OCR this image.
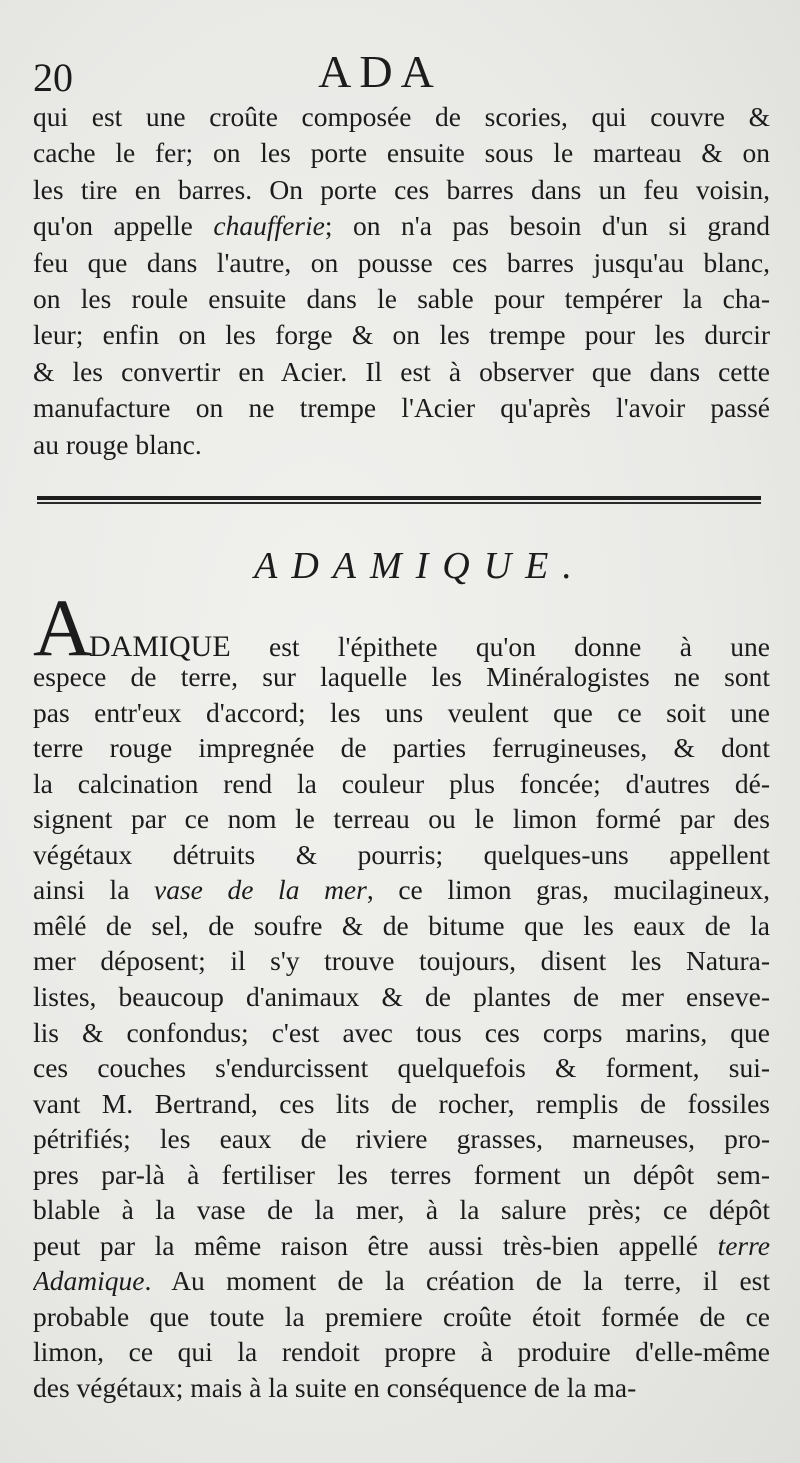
20	ADA
qui est une croûte composée de scories, qui couvre &
cache le fer; on les porte ensuite sous le marteau & on
les tire en barres. On porte ces barres dans un feu voisin,
qu'on appelle chaufferie; on n'a pas besoin d'un si grand
feu que dans l'autre, on pousse ces barres jusqu'au blanc,
on les roule ensuite dans le sable pour tempérer la cha-
leur; enfin on les forge & on les trempe pour les durcir
& les convertir en Acier. Il est à observer que dans cette
manufacture on ne trempe l'Acier qu'après l'avoir passé
au rouge blanc.
ADAMIQUE.
A
DAMIQUE est l'épithete qu'on donne à une
espece de terre, sur laquelle les Minéralogistes ne sont
pas entr'eux d'accord; les uns veulent que ce soit une
terre rouge impregnée de parties ferrugineuses, & dont
la calcination rend la couleur plus foncée; d'autres dé-
signent par ce nom le terreau ou le limon formé par des
végétaux détruits & pourris; quelques-uns appellent
ainsi la vase de la mer, ce limon gras, mucilagineux,
mêlé de sel, de soufre & de bitume que les eaux de la
mer déposent; il s'y trouve toujours, disent les Natura-
listes, beaucoup d'animaux & de plantes de mer enseve-
lis & confondus; c'est avec tous ces corps marins, que
ces couches s'endurcissent quelquefois & forment, sui-
vant M. Bertrand, ces lits de rocher, remplis de fossiles
pétrifiés; les eaux de riviere grasses, marneuses, pro-
pres par-là à fertiliser les terres forment un dépôt sem-
blable à la vase de la mer, à la salure près; ce dépôt
peut par la même raison être aussi très-bien appellé terre
Adamique. Au moment de la création de la terre, il est
probable que toute la premiere croûte étoit formée de ce
limon, ce qui la rendoit propre à produire d'elle-même
des végétaux; mais à la suite en conséquence de la ma-
